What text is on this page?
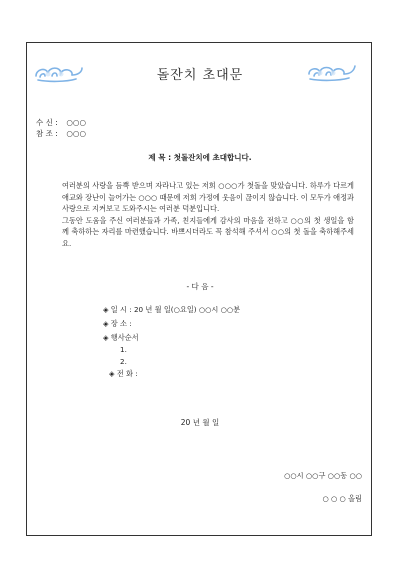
돌잔치 초대문
수 신 : ○○○
참 조 : ○○○
제 목 : 첫돌잔치에 초대합니다.

여러분의 사랑을 듬뿍 받으며 자라나고 있는 저희 ○○○가 첫돌을 맞았습니다. 하루가 다르게 애교와 장난이 늘어가는 ○○○ 때문에 저희 가정에 웃음이 끊이지 않습니다. 이 모두가 애정과 사랑으로 지켜보고 도와주시는 여러분 덕분입니다.

그동안 도움을 주신 여러분들과 가족, 친지들에게 감사의 마음을 전하고 ○○의 첫 생일을 함께 축하하는 자리를 마련했습니다. 바쁘시더라도 꼭 참석해 주셔서 ○○의 첫 돌을 축하해주세요.

- 다 음 -
◈ 일 시 : 20 년 월 일(○요일) ○○시 ○○분
◈ 장 소 :
◈ 행사순서
1.
2.
◈ 전 화 :
20 년 월 일
○○시 ○○구 ○○동 ○○
○ ○ ○ 올림
